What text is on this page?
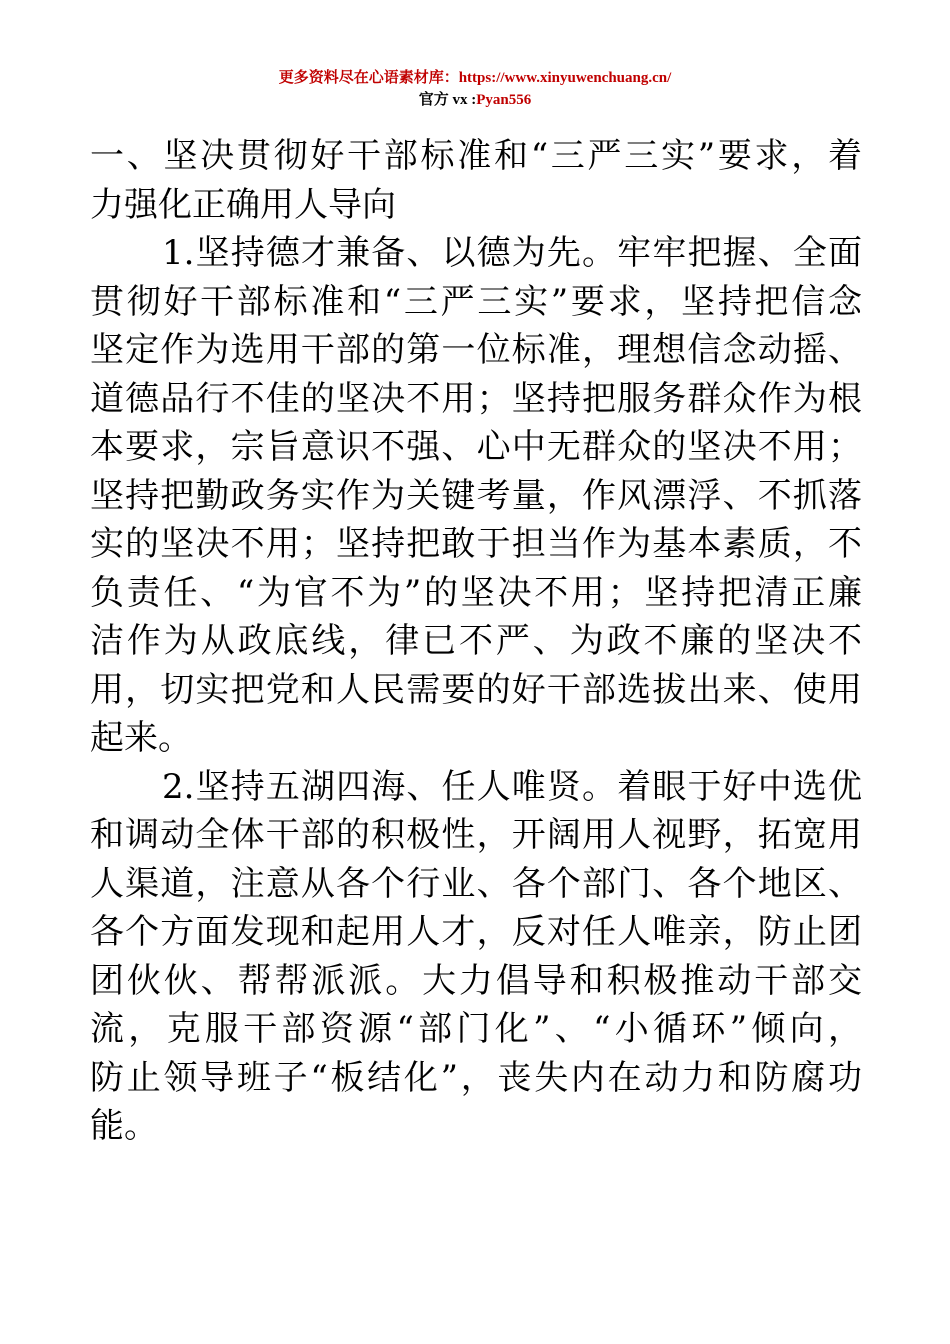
更多资料尽在心语素材库：https://www.xinyuwenchuang.cn/
官方 vx :Pyan556
一、坚决贯彻好干部标准和“三严三实”要求，着
力强化正确用人导向
1.坚持德才兼备、以德为先。牢牢把握、全面
贯彻好干部标准和“三严三实”要求，坚持把信念
坚定作为选用干部的第一位标准，理想信念动摇、
道德品行不佳的坚决不用；坚持把服务群众作为根
本要求，宗旨意识不强、心中无群众的坚决不用；
坚持把勤政务实作为关键考量，作风漂浮、不抓落
实的坚决不用；坚持把敢于担当作为基本素质，不
负责任、“为官不为”的坚决不用；坚持把清正廉
洁作为从政底线，律已不严、为政不廉的坚决不
用，切实把党和人民需要的好干部选拔出来、使用
起来。
2.坚持五湖四海、任人唯贤。着眼于好中选优
和调动全体干部的积极性，开阔用人视野，拓宽用
人渠道，注意从各个行业、各个部门、各个地区、
各个方面发现和起用人才，反对任人唯亲，防止团
团伙伙、帮帮派派。大力倡导和积极推动干部交
流，克服干部资源“部门化”、“小循环”倾向，
防止领导班子“板结化”，丧失内在动力和防腐功
能。
